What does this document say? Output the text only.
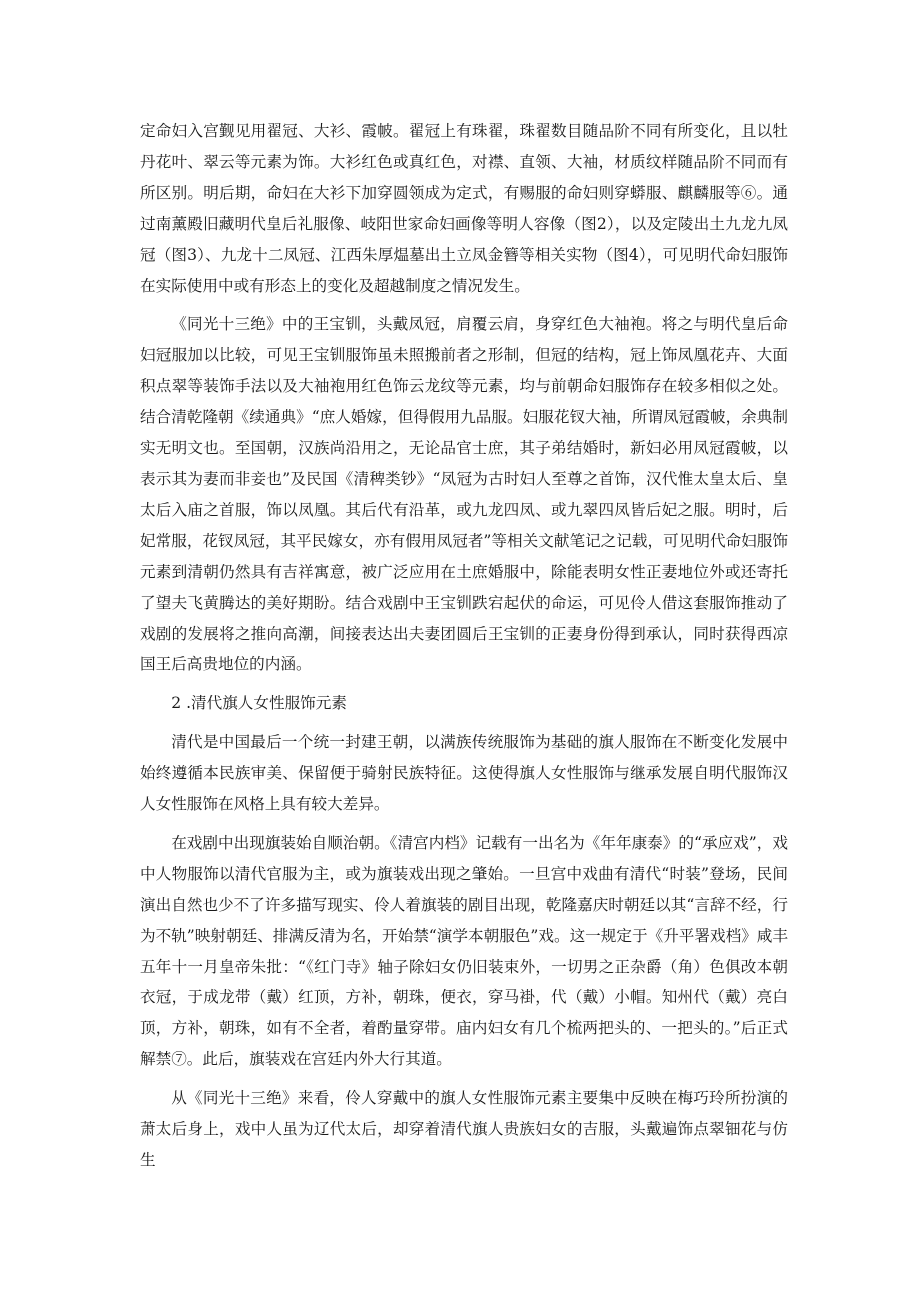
定命妇入宫觐见用翟冠、大衫、霞帔。翟冠上有珠翟，珠翟数目随品阶不同有所变化，且以牡丹花叶、翠云等元素为饰。大衫红色或真红色，对襟、直领、大袖，材质纹样随品阶不同而有所区别。明后期，命妇在大衫下加穿圆领成为定式，有赐服的命妇则穿蟒服、麒麟服等⑥。通过南薰殿旧藏明代皇后礼服像、岐阳世家命妇画像等明人容像（图2），以及定陵出土九龙九凤冠（图3）、九龙十二凤冠、江西朱厚煴墓出土立凤金簪等相关实物（图4），可见明代命妇服饰在实际使用中或有形态上的变化及超越制度之情况发生。

《同光十三绝》中的王宝钏，头戴凤冠，肩覆云肩，身穿红色大袖袍。将之与明代皇后命妇冠服加以比较，可见王宝钏服饰虽未照搬前者之形制，但冠的结构，冠上饰凤凰花卉、大面积点翠等装饰手法以及大袖袍用红色饰云龙纹等元素，均与前朝命妇服饰存在较多相似之处。结合清乾隆朝《续通典》“庶人婚嫁，但得假用九品服。妇服花钗大袖，所谓凤冠霞帔，余典制实无明文也。至国朝，汉族尚沿用之，无论品官士庶，其子弟结婚时，新妇必用凤冠霞帔，以表示其为妻而非妾也”及民国《清稗类钞》“凤冠为古时妇人至尊之首饰，汉代惟太皇太后、皇太后入庙之首服，饰以凤凰。其后代有沿革，或九龙四凤、或九翠四凤皆后妃之服。明时，后妃常服，花钗凤冠，其平民嫁女，亦有假用凤冠者”等相关文献笔记之记载，可见明代命妇服饰元素到清朝仍然具有吉祥寓意，被广泛应用在土庶婚服中，除能表明女性正妻地位外或还寄托了望夫飞黄腾达的美好期盼。结合戏剧中王宝钏跌宕起伏的命运，可见伶人借这套服饰推动了戏剧的发展将之推向高潮，间接表达出夫妻团圆后王宝钏的正妻身份得到承认，同时获得西凉国王后高贵地位的内涵。

2 .清代旗人女性服饰元素

清代是中国最后一个统一封建王朝，以满族传统服饰为基础的旗人服饰在不断变化发展中始终遵循本民族审美、保留便于骑射民族特征。这使得旗人女性服饰与继承发展自明代服饰汉人女性服饰在风格上具有较大差异。

在戏剧中出现旗装始自顺治朝。《清宫内档》记载有一出名为《年年康泰》的“承应戏”，戏中人物服饰以清代官服为主，或为旗装戏出现之肇始。一旦宫中戏曲有清代“时装”登场，民间演出自然也少不了许多描写现实、伶人着旗装的剧目出现，乾隆嘉庆时朝廷以其“言辞不经，行为不轨”映射朝廷、排满反清为名，开始禁“演学本朝服色”戏。这一规定于《升平署戏档》咸丰五年十一月皇帝朱批：“《红门寺》轴子除妇女仍旧装束外，一切男之正杂爵（角）色俱改本朝衣冠，于成龙带（戴）红顶，方补，朝珠，便衣，穿马褂，代（戴）小帽。知州代（戴）亮白顶，方补，朝珠，如有不全者，着酌量穿带。庙内妇女有几个梳两把头的、一把头的。”后正式解禁⑦。此后，旗装戏在宫廷内外大行其道。

从《同光十三绝》来看，伶人穿戴中的旗人女性服饰元素主要集中反映在梅巧玲所扮演的萧太后身上，戏中人虽为辽代太后，却穿着清代旗人贵族妇女的吉服，头戴遍饰点翠钿花与仿生
